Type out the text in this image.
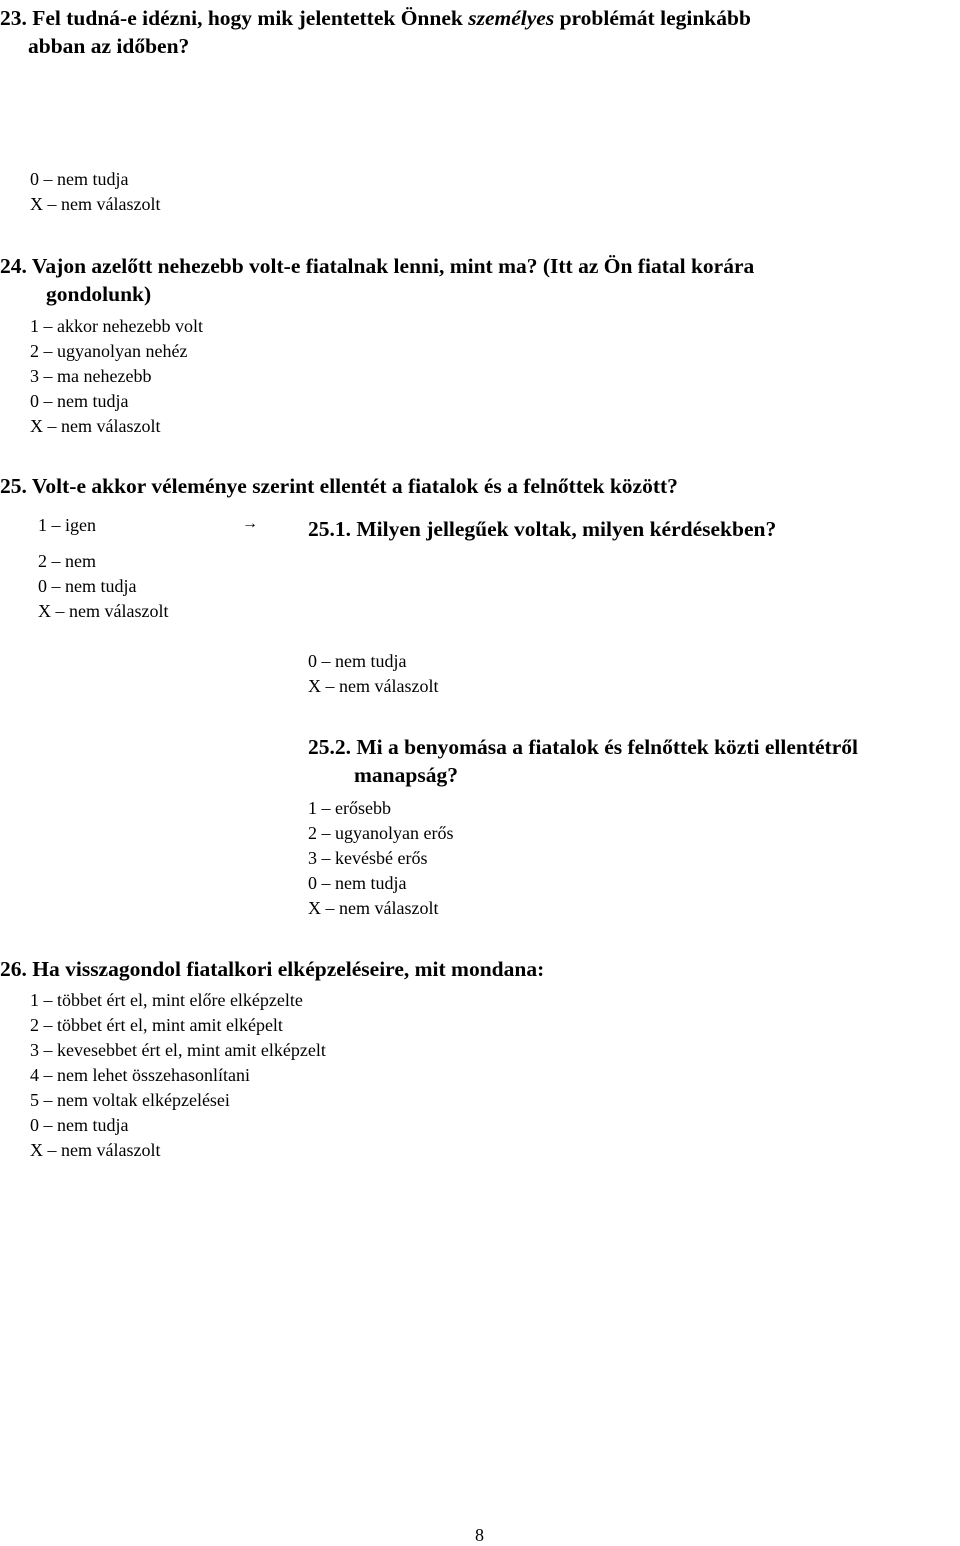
23. Fel tudná-e idézni, hogy mik jelentettek Önnek személyes problémát leginkább
abban az időben?
0 – nem tudja
X – nem válaszolt
24. Vajon azelőtt nehezebb volt-e fiatalnak lenni, mint ma? (Itt az Ön fiatal korára
gondolunk)
1 – akkor nehezebb volt
2 – ugyanolyan nehéz
3 – ma nehezebb
0 – nem tudja
X – nem válaszolt
25. Volt-e akkor véleménye szerint ellentét a fiatalok és a felnőttek között?
1 – igen	→
2 – nem
0 – nem tudja
X – nem válaszolt
25.1. Milyen jellegűek voltak, milyen kérdésekben?
0 – nem tudja
X – nem válaszolt
25.2. Mi a benyomása a fiatalok és felnőttek közti ellentétről
manapság?
1 – erősebb
2 – ugyanolyan erős
3 – kevésbé erős
0 – nem tudja
X – nem válaszolt
26. Ha visszagondol fiatalkori elképzeléseire, mit mondana:
1 – többet ért el, mint előre elképzelte
2 – többet ért el, mint amit elképelt
3 – kevesebbet ért el, mint amit elképzelt
4 – nem lehet összehasonlítani
5 – nem voltak elképzelései
0 – nem tudja
X – nem válaszolt
8
